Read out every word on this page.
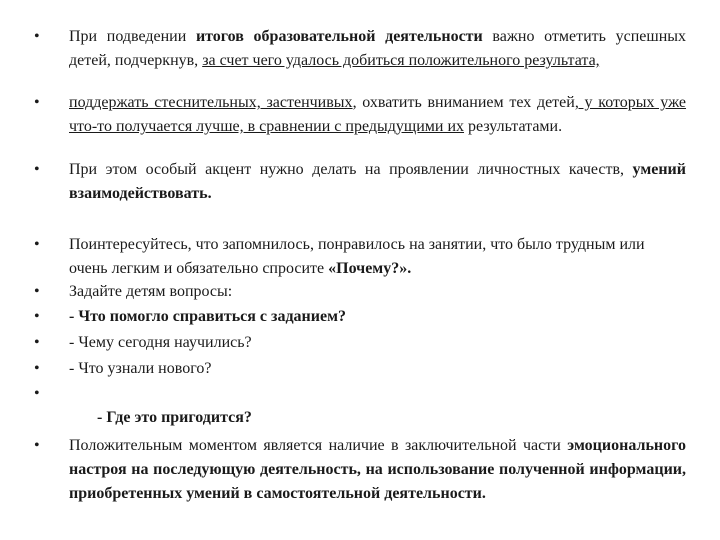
• При подведении итогов образовательной деятельности важно отметить успешных детей, подчеркнув, за счет чего удалось добиться положительного результата,
• поддержать стеснительных, застенчивых, охватить вниманием тех детей, у которых уже что-то получается лучше, в сравнении с предыдущими их результатами.
• При этом особый акцент нужно делать на проявлении личностных качеств, умений взаимодействовать.
• Поинтересуйтесь, что запомнилось, понравилось на занятии, что было трудным или очень легким и обязательно спросите «Почему?».
• Задайте детям вопросы:
• - Что помогло справиться с заданием?
• - Чему сегодня научились?
• - Что узнали нового?
•

- Где это пригодится?

• Положительным моментом является наличие в заключительной части эмоционального настроя на последующую деятельность, на использование полученной информации, приобретенных умений в самостоятельной деятельности.
